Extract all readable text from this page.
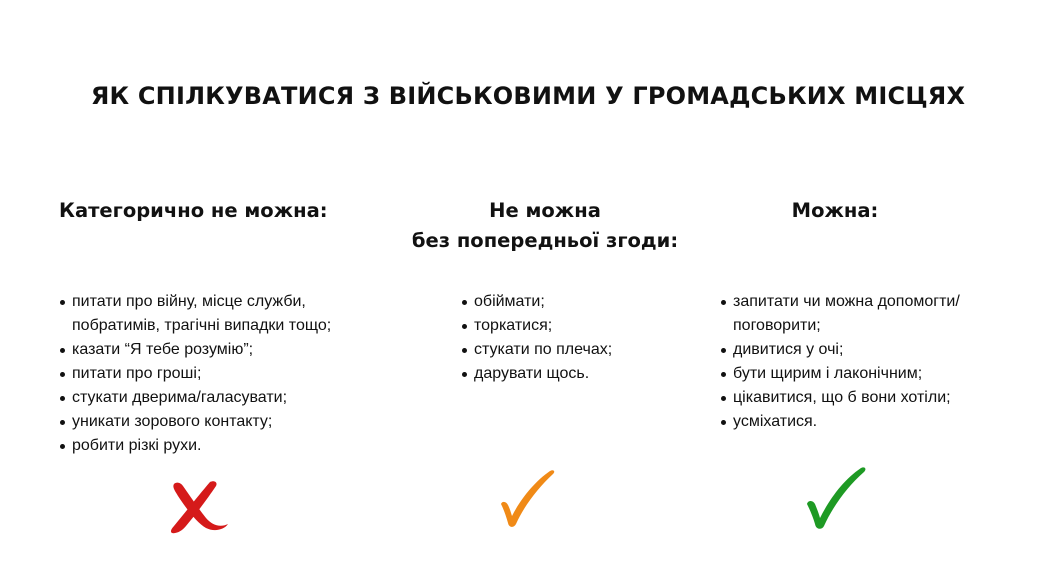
ЯК СПІЛКУВАТИСЯ З ВІЙСЬКОВИМИ У ГРОМАДСЬКИХ МІСЦЯХ
Категорично не можна:
питати про війну, місце служби,
побратимів, трагічні випадки тощо;
казати “Я тебе розумію”;
питати про гроші;
стукати дверима/галасувати;
уникати зорового контакту;
робити різкі рухи.
Не можна
без попередньої згоди:
обіймати;
торкатися;
стукати по плечах;
дарувати щось.
Можна:
запитати чи можна допомогти/
поговорити;
дивитися у очі;
бути щирим і лаконічним;
цікавитися, що б вони хотіли;
усміхатися.
